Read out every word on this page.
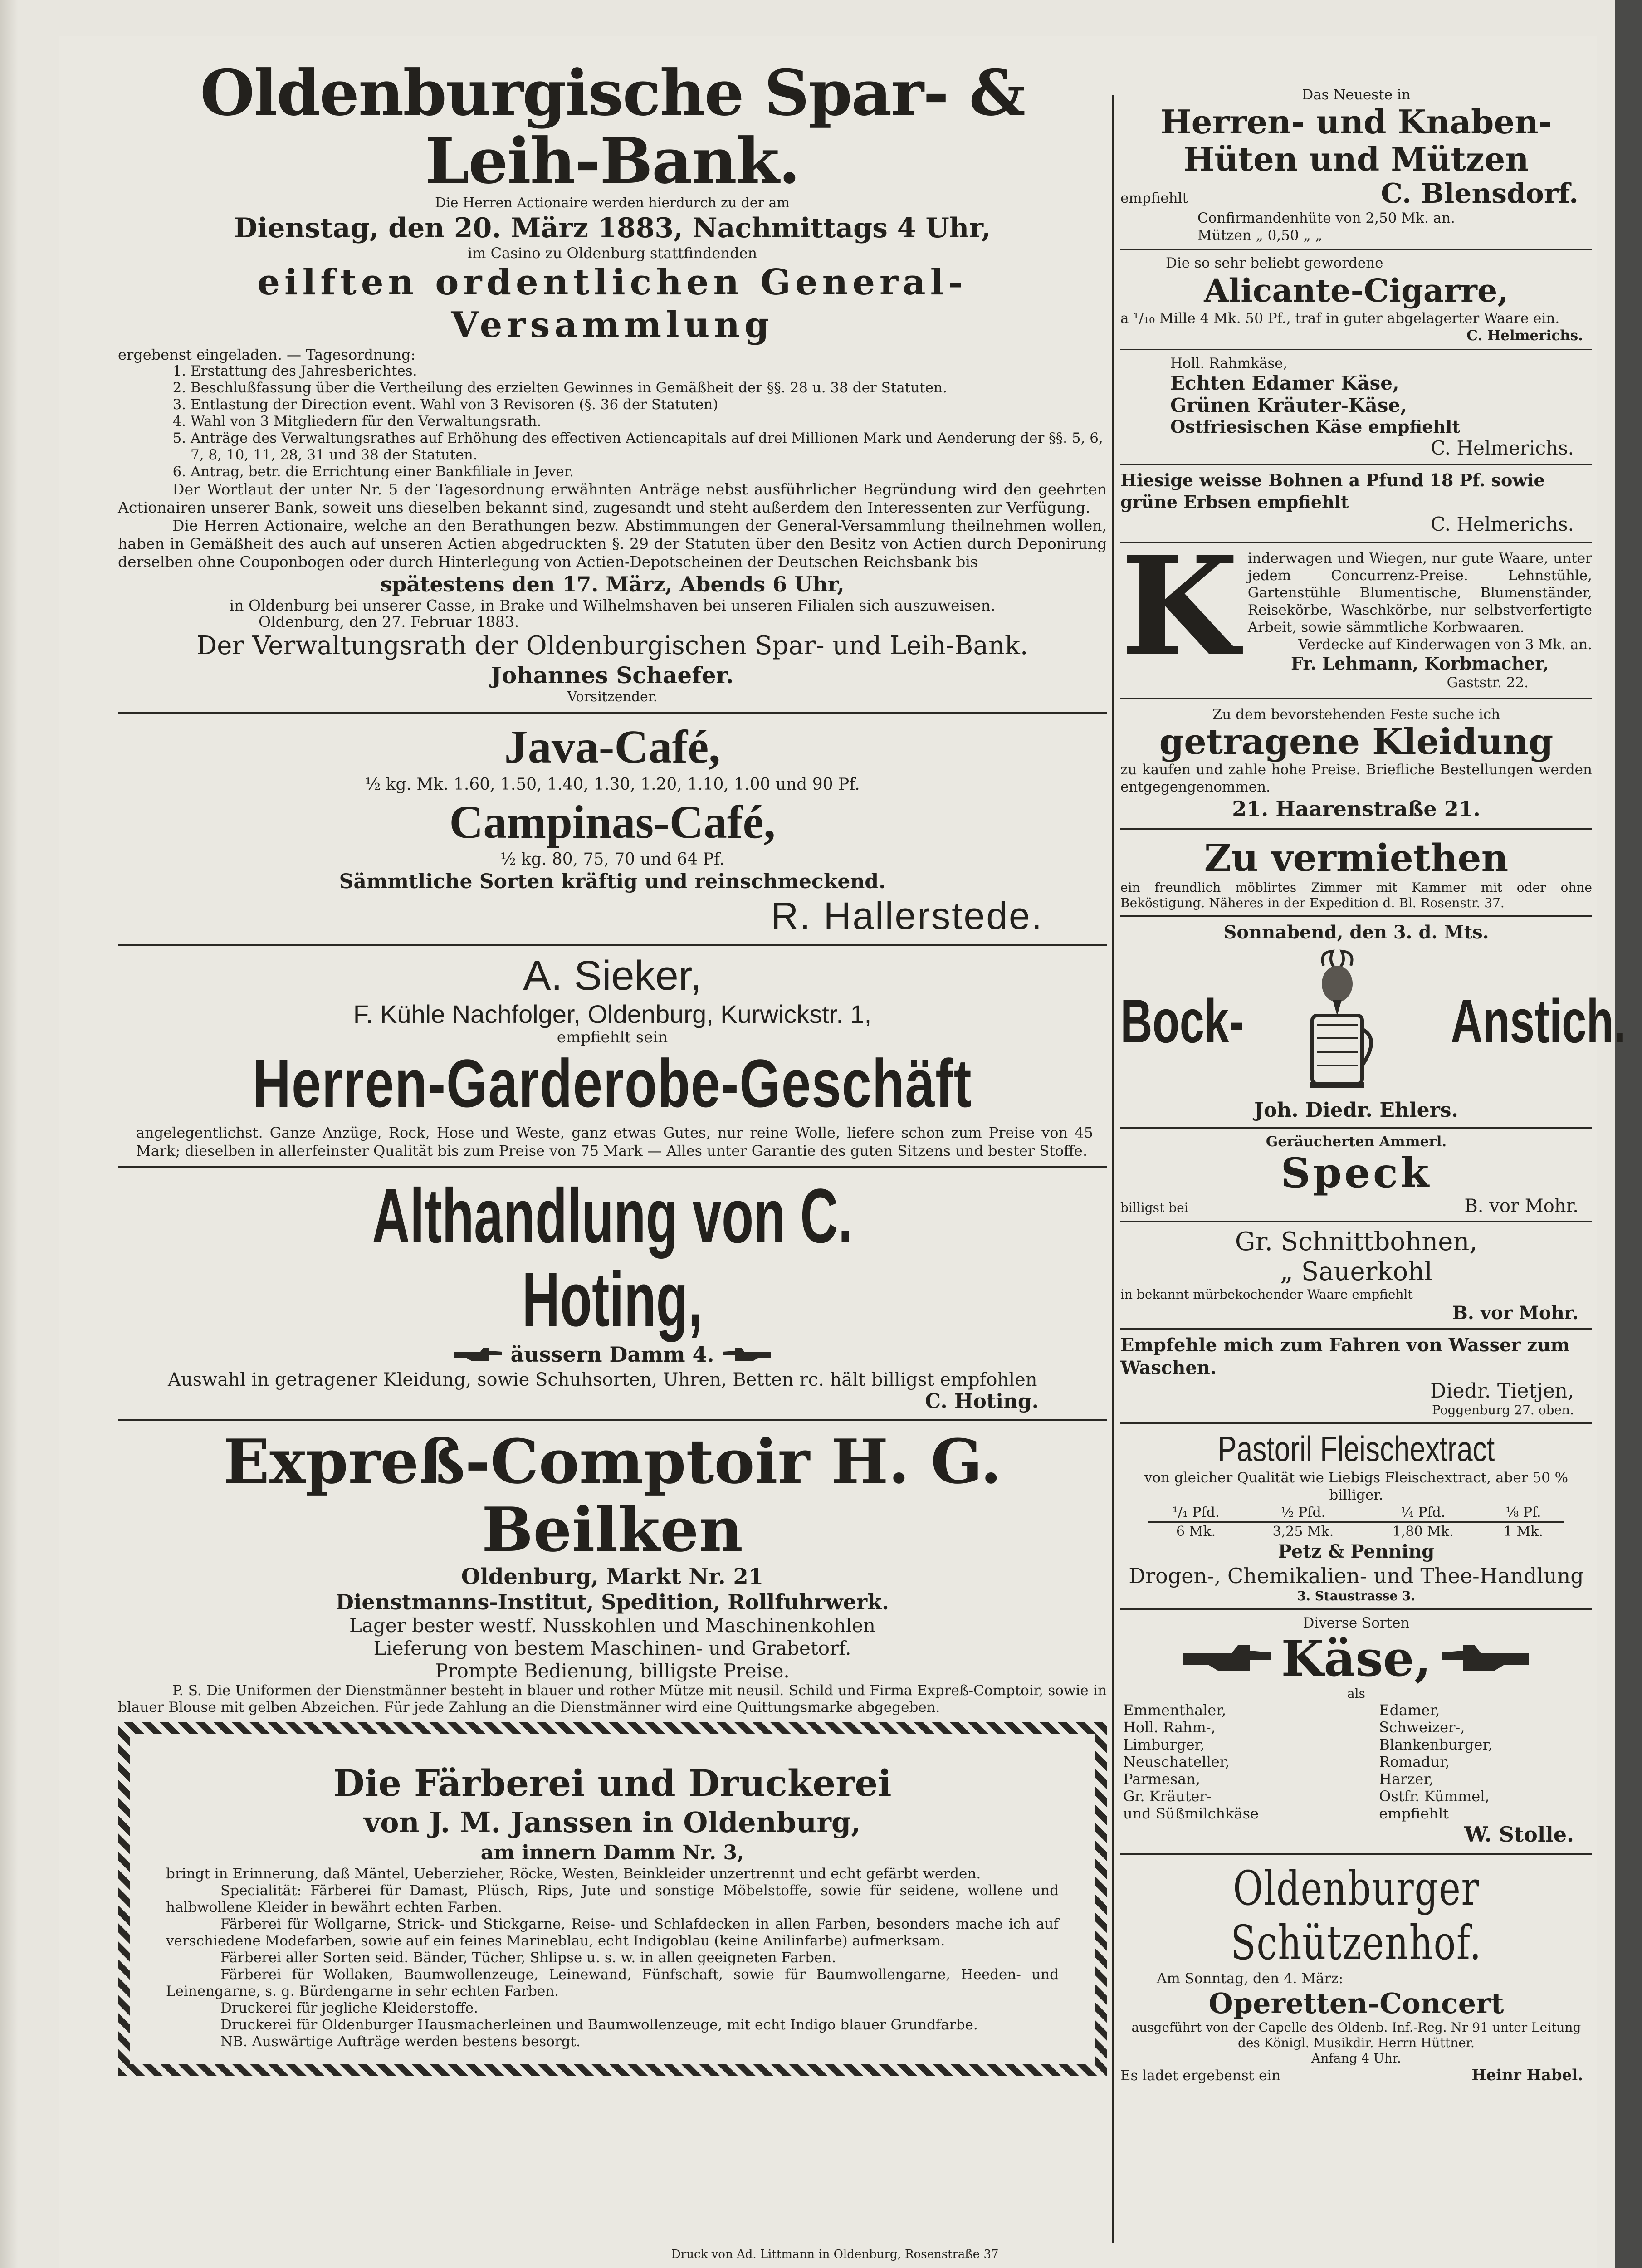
Oldenburgische Spar- & Leih-Bank.

Die Herren Actionaire werden hierdurch zu der am

Dienstag, den 20. März 1883, Nachmittags 4 Uhr,

im Casino zu Oldenburg stattfindenden

eilften ordentlichen General-Versammlung

ergebenst eingeladen. — Tagesordnung:

1. Erstattung des Jahresberichtes.
2. Beschlußfassung über die Vertheilung des erzielten Gewinnes in Gemäßheit der §§. 28 u. 38 der Statuten.
3. Entlastung der Direction event. Wahl von 3 Revisoren (§. 36 der Statuten)
4. Wahl von 3 Mitgliedern für den Verwaltungsrath.
5. Anträge des Verwaltungsrathes auf Erhöhung des effectiven Actiencapitals auf drei Millionen Mark und Aenderung der §§. 5, 6, 7, 8, 10, 11, 28, 31 und 38 der Statuten.
6. Antrag, betr. die Errichtung einer Bankfiliale in Jever.

Der Wortlaut der unter Nr. 5 der Tagesordnung erwähnten Anträge nebst ausführlicher Begründung wird den geehrten Actionairen unserer Bank, soweit uns dieselben bekannt sind, zugesandt und steht außerdem den Interessenten zur Verfügung.

Die Herren Actionaire, welche an den Berathungen bezw. Abstimmungen der General-Versammlung theilnehmen wollen, haben in Gemäßheit des auch auf unseren Actien abgedruckten §. 29 der Statuten über den Besitz von Actien durch Deponirung derselben ohne Couponbogen oder durch Hinterlegung von Actien-Depotscheinen der Deutschen Reichsbank bis

spätestens den 17. März, Abends 6 Uhr,

in Oldenburg bei unserer Casse, in Brake und Wilhelmshaven bei unseren Filialen sich auszuweisen.

Oldenburg, den 27. Februar 1883.

Der Verwaltungsrath der Oldenburgischen Spar- und Leih-Bank.
Johannes Schaefer.
Vorsitzender.
Java-Café,
½ kg. Mk. 1.60, 1.50, 1.40, 1.30, 1.20, 1.10, 1.00 und 90 Pf.
Campinas-Café,
½ kg. 80, 75, 70 und 64 Pf.
Sämmtliche Sorten kräftig und reinschmeckend.
R. Hallerstede.
A. Sieker,
F. Kühle Nachfolger, Oldenburg, Kurwickstr. 1,
empfiehlt sein
Herren-Garderobe-Geschäft

angelegentlichst. Ganze Anzüge, Rock, Hose und Weste, ganz etwas Gutes, nur reine Wolle, liefere schon zum Preise von 45 Mark; dieselben in allerfeinster Qualität bis zum Preise von 75 Mark — Alles unter Garantie des guten Sitzens und bester Stoffe.

Althandlung von C. Hoting,
äussern Damm 4.

Auswahl in getragener Kleidung, sowie Schuhsorten, Uhren, Betten rc. hält billigst empfohlen

C. Hoting.
Expreß-Comptoir H. G. Beilken
Oldenburg, Markt Nr. 21
Dienstmanns-Institut, Spedition, Rollfuhrwerk.
Lager bester westf. Nusskohlen und Maschinenkohlen
Lieferung von bestem Maschinen- und Grabetorf.
Prompte Bedienung, billigste Preise.

P. S. Die Uniformen der Dienstmänner besteht in blauer und rother Mütze mit neusil. Schild und Firma Expreß-Comptoir, sowie in blauer Blouse mit gelben Abzeichen. Für jede Zahlung an die Dienstmänner wird eine Quittungsmarke abgegeben.

Die Färberei und Druckerei
von J. M. Janssen in Oldenburg,
am innern Damm Nr. 3,

bringt in Erinnerung, daß Mäntel, Ueberzieher, Röcke, Westen, Beinkleider unzertrennt und echt gefärbt werden.

Specialität: Färberei für Damast, Plüsch, Rips, Jute und sonstige Möbelstoffe, sowie für seidene, wollene und halbwollene Kleider in bewährt echten Farben.

Färberei für Wollgarne, Strick- und Stickgarne, Reise- und Schlafdecken in allen Farben, besonders mache ich auf verschiedene Modefarben, sowie auf ein feines Marineblau, echt Indigoblau (keine Anilinfarbe) aufmerksam.

Färberei aller Sorten seid. Bänder, Tücher, Shlipse u. s. w. in allen geeigneten Farben.

Färberei für Wollaken, Baumwollenzeuge, Leinewand, Fünfschaft, sowie für Baumwollengarne, Heeden- und Leinengarne, s. g. Bürdengarne in sehr echten Farben.

Druckerei für jegliche Kleiderstoffe.

Druckerei für Oldenburger Hausmacherleinen und Baumwollenzeuge, mit echt Indigo blauer Grundfarbe.

NB. Auswärtige Aufträge werden bestens besorgt.

Das Neueste in
Herren- und Knaben-Hüten und Mützen
empfiehlt	C. Blensdorf.
Confirmandenhüte von 2,50 Mk. an.
Mützen „ 0,50 „ „
Die so sehr beliebt gewordene
Alicante-Cigarre,

a ¹/₁₀ Mille 4 Mk. 50 Pf., traf in guter abgelagerter Waare ein.

C. Helmerichs.
Holl. Rahmkäse,
Echten Edamer Käse,
Grünen Kräuter-Käse,
Ostfriesischen Käse empfiehlt
C. Helmerichs.

Hiesige weisse Bohnen a Pfund 18 Pf. sowie grüne Erbsen empfiehlt

C. Helmerichs.
K inderwagen und Wiegen, nur gute Waare, unter jedem Concurrenz-Preise. Lehnstühle, Gartenstühle Blumentische, Blumenständer, Reisekörbe, Waschkörbe, nur selbstverfertigte Arbeit, sowie sämmtliche Korbwaaren.

Verdecke auf Kinderwagen von 3 Mk. an.

Fr. Lehmann, Korbmacher,
Gaststr. 22.
Zu dem bevorstehenden Feste suche ich
getragene Kleidung

zu kaufen und zahle hohe Preise. Briefliche Bestellungen werden entgegengenommen.

21. Haarenstraße 21.
Zu vermiethen

ein freundlich möblirtes Zimmer mit Kammer mit oder ohne Beköstigung. Näheres in der Expedition d. Bl. Rosenstr. 37.

Sonnabend, den 3. d. Mts.
Bock-	Anstich.
Joh. Diedr. Ehlers.
Geräucherten Ammerl.
Speck
billigst bei	B. vor Mohr.
Gr. Schnittbohnen,
„ Sauerkohl
in bekannt mürbekochender Waare empfiehlt
B. vor Mohr.

Empfehle mich zum Fahren von Wasser zum Waschen.

Diedr. Tietjen,
Poggenburg 27. oben.
Pastoril Fleischextract

von gleicher Qualität wie Liebigs Fleischextract, aber 50 % billiger.

¹/₁ Pfd.	½ Pfd.	¼ Pfd.	⅛ Pf.
6 Mk.	3,25 Mk.	1,80 Mk.	1 Mk.
Petz & Penning
Drogen-, Chemikalien- und Thee-Handlung
3. Staustrasse 3.
Diverse Sorten
Käse,
als
Emmenthaler,	Edamer,
Holl. Rahm-,	Schweizer-,
Limburger,	Blankenburger,
Neuschateller,	Romadur,
Parmesan,	Harzer,
Gr. Kräuter-	Ostfr. Kümmel,
und Süßmilchkäse	empfiehlt
W. Stolle.
Oldenburger Schützenhof.
Am Sonntag, den 4. März:
Operetten-Concert

ausgeführt von der Capelle des Oldenb. Inf.-Reg. Nr 91 unter Leitung des Königl. Musikdir. Herrn Hüttner.

Anfang 4 Uhr.
Es ladet ergebenst ein	Heinr Habel.
Druck von Ad. Littmann in Oldenburg, Rosenstraße 37
